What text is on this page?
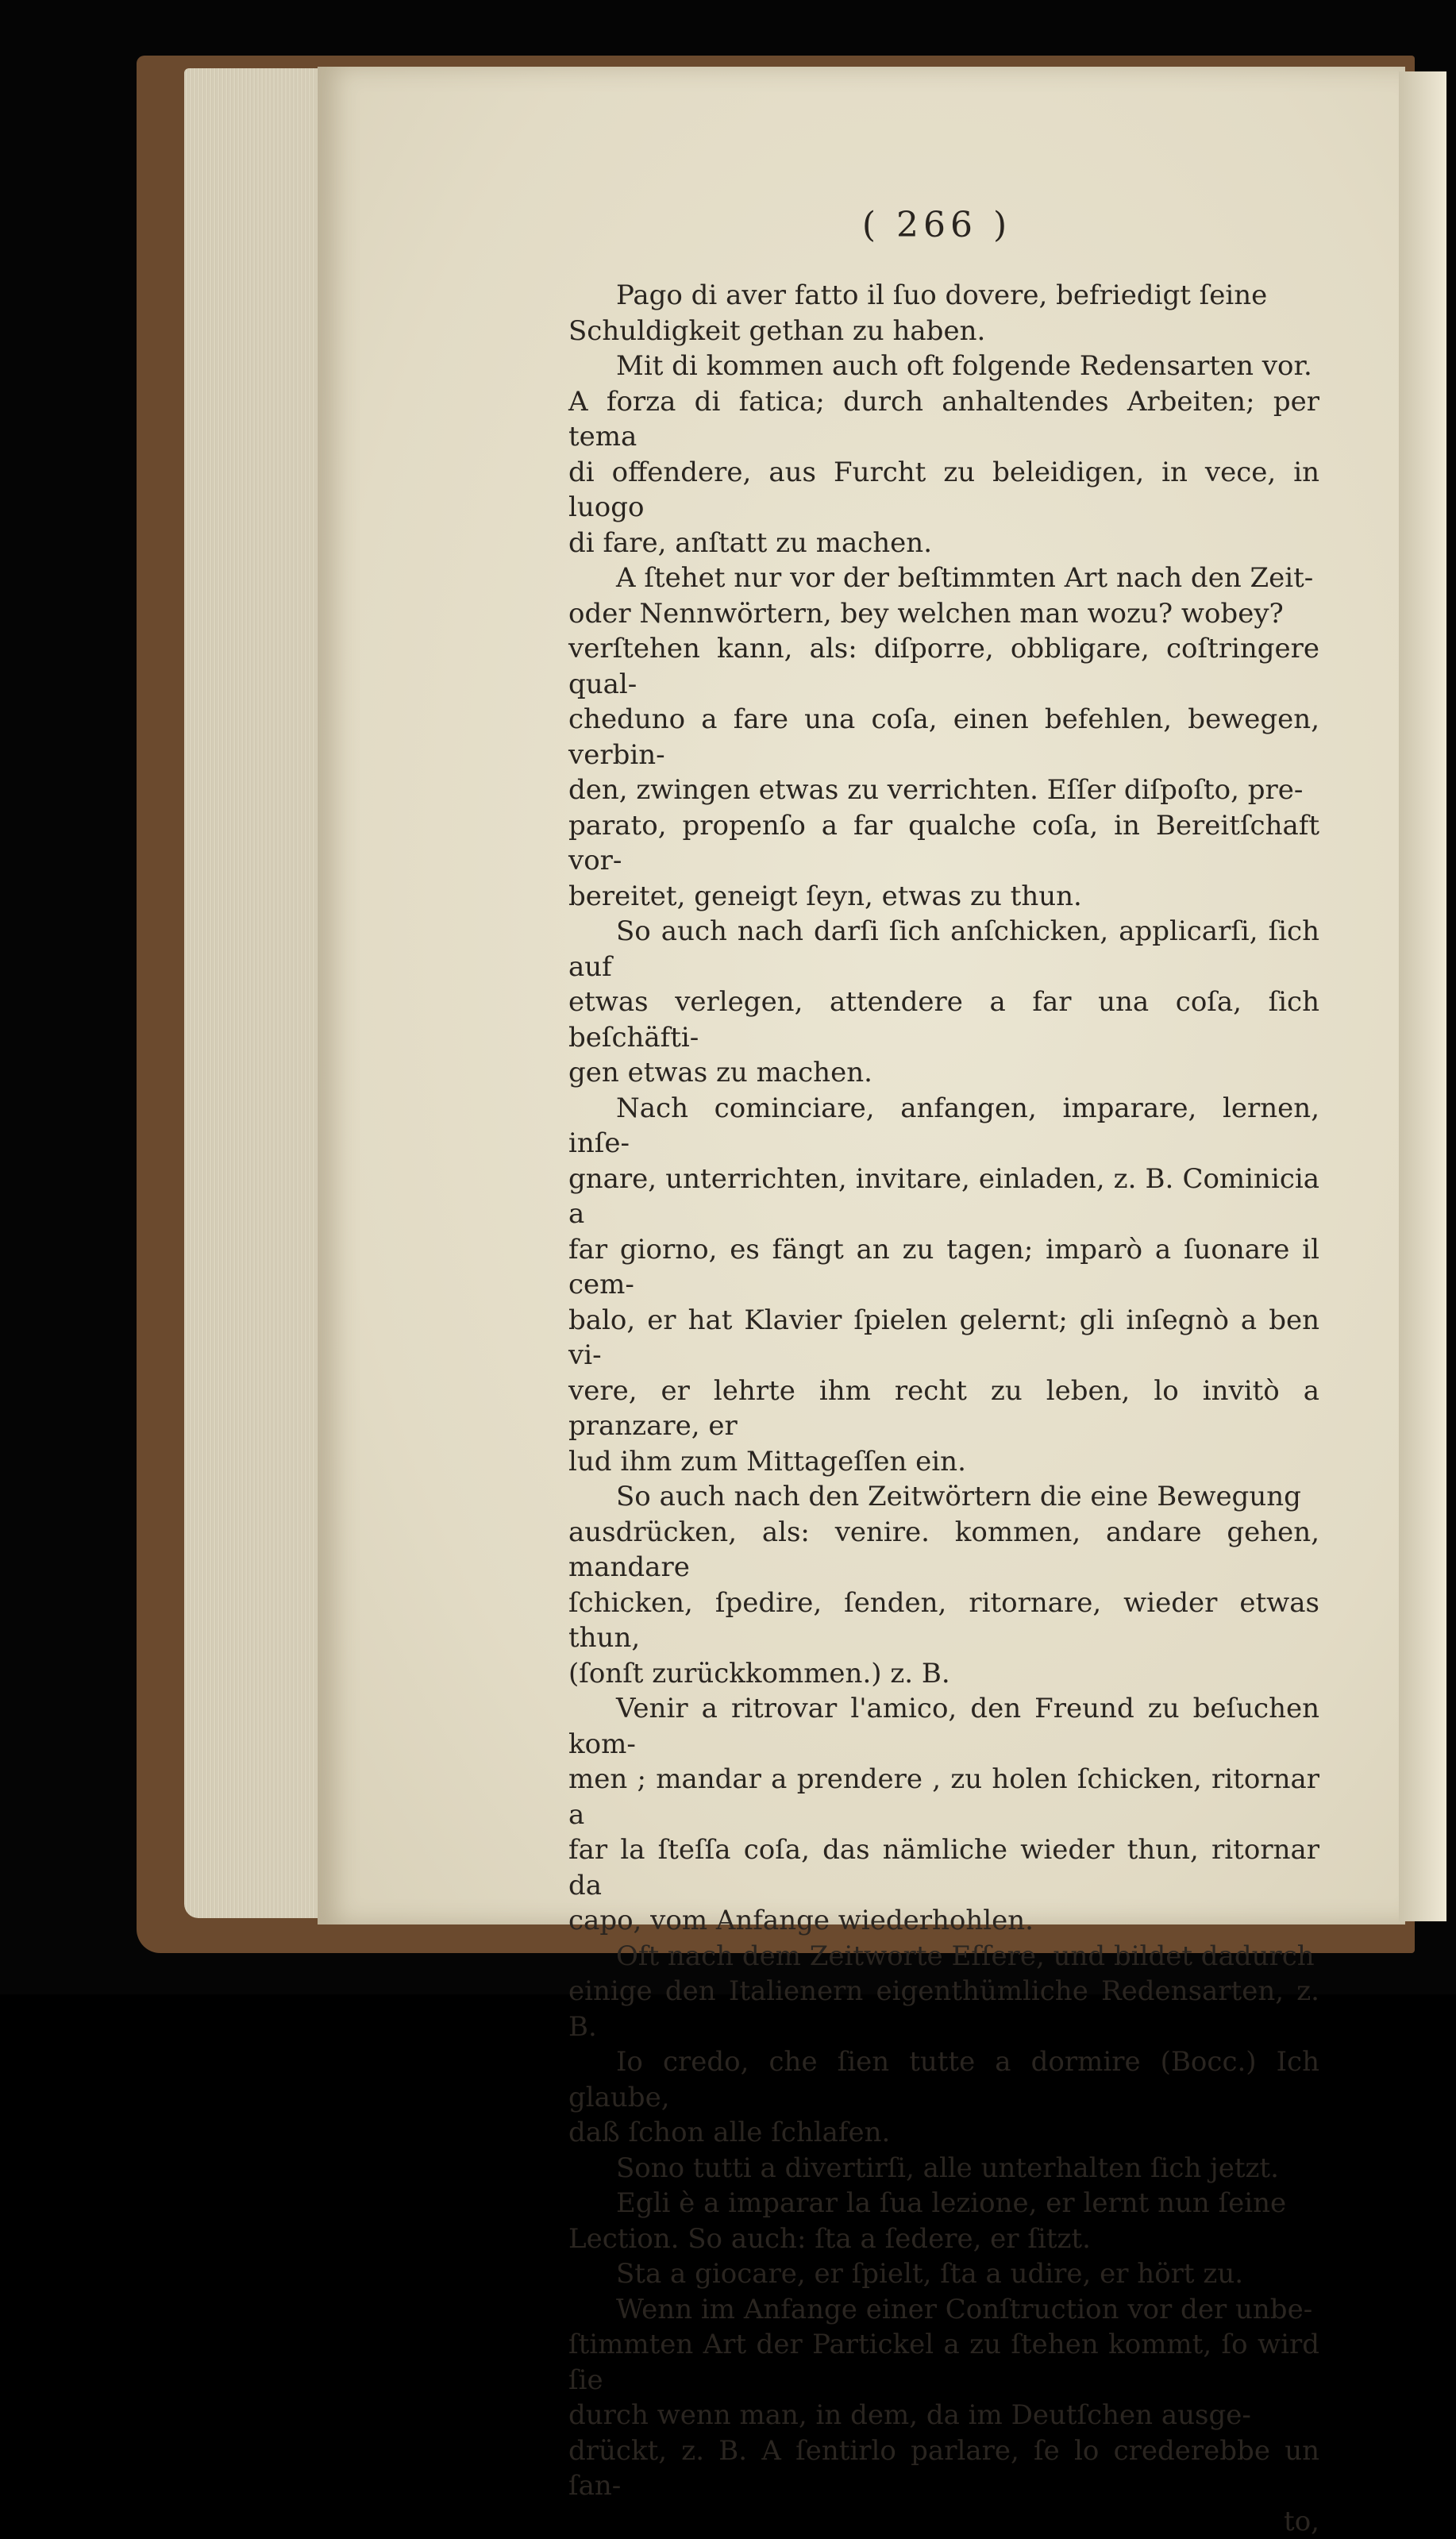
( 266 )

Pago di aver fatto il ſuo dovere, befriedigt ſeine

Schuldigkeit gethan zu haben.

Mit di kommen auch oft folgende Redensarten vor.

A forza di fatica; durch anhaltendes Arbeiten; per tema

di offendere, aus Furcht zu beleidigen, in vece, in luogo

di fare, anſtatt zu machen.

A ſtehet nur vor der beſtimmten Art nach den Zeit-

oder Nennwörtern, bey welchen man wozu? wobey?

verſtehen kann, als: diſporre, obbligare, coſtringere qual-

cheduno a fare una coſa, einen befehlen, bewegen, verbin-

den, zwingen etwas zu verrichten. Eſſer diſpoſto, pre-

parato, propenſo a far qualche coſa, in Bereitſchaft vor-

bereitet, geneigt ſeyn, etwas zu thun.

So auch nach darſi ſich anſchicken, applicarſi, ſich auf

etwas verlegen, attendere a far una coſa, ſich beſchäfti-

gen etwas zu machen.

Nach cominciare, anfangen, imparare, lernen, inſe-

gnare, unterrichten, invitare, einladen, z. B. Cominicia a

far giorno, es fängt an zu tagen; imparò a ſuonare il cem-

balo, er hat Klavier ſpielen gelernt; gli inſegnò a ben vi-

vere, er lehrte ihm recht zu leben, lo invitò a pranzare, er

lud ihm zum Mittageſſen ein.

So auch nach den Zeitwörtern die eine Bewegung

ausdrücken, als: venire. kommen, andare gehen, mandare

ſchicken, ſpedire, ſenden, ritornare, wieder etwas thun,

(ſonſt zurückkommen.) z. B.

Venir a ritrovar l'amico, den Freund zu beſuchen kom-

men ; mandar a prendere , zu holen ſchicken, ritornar a

far la ſteſſa coſa, das nämliche wieder thun, ritornar da

capo, vom Anfange wiederhohlen.

Oft nach dem Zeitworte Eſſere, und bildet dadurch

einige den Italienern eigenthümliche Redensarten, z. B.

Io credo, che ſien tutte a dormire (Bocc.) Ich glaube,

daß ſchon alle ſchlafen.

Sono tutti a divertirſi, alle unterhalten ſich jetzt.

Egli è a imparar la ſua lezione, er lernt nun ſeine

Lection. So auch: ſta a ſedere, er ſitzt.

Sta a giocare, er ſpielt, ſta a udire, er hört zu.

Wenn im Anfange einer Conſtruction vor der unbe-

ſtimmten Art der Partickel a zu ſtehen kommt, ſo wird ſie

durch wenn man, in dem, da im Deutſchen ausge-

drückt, z. B. A ſentirlo parlare, ſe lo crederebbe un ſan-

to,
